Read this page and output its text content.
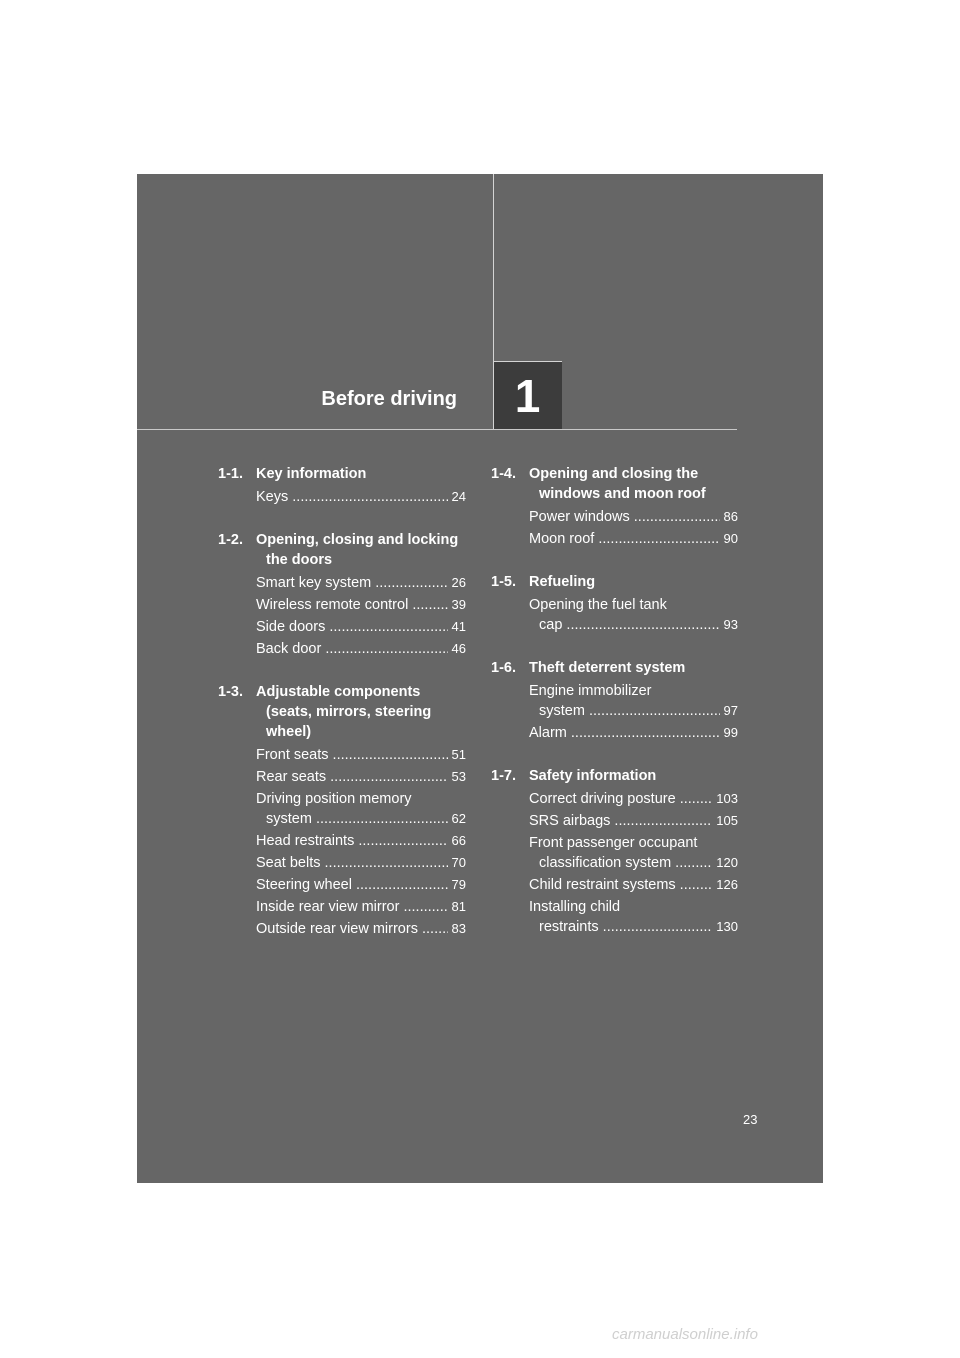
1
Before driving
1-1. Key information
Keys .....	24
1-2. Opening, closing and locking
the doors
Smart key system .....	26
Wireless remote control .....	39
Side doors .....	41
Back door .....	46
1-3. Adjustable components
(seats, mirrors, steering
wheel)
Front seats .....	51
Rear seats .....	53
Driving position memory
system .....	62
Head restraints .....	66
Seat belts .....	70
Steering wheel .....	79
Inside rear view mirror .....	81
Outside rear view mirrors .....	83
1-4. Opening and closing the
windows and moon roof
Power windows .....	86
Moon roof .....	90
1-5. Refueling
Opening the fuel tank
cap .....	93
1-6. Theft deterrent system
Engine immobilizer
system .....	97
Alarm .....	99
1-7. Safety information
Correct driving posture .....	103
SRS airbags .....	105
Front passenger occupant
classification system .....	120
Child restraint systems .....	126
Installing child
restraints .....	130
23
carmanualsonline.info
